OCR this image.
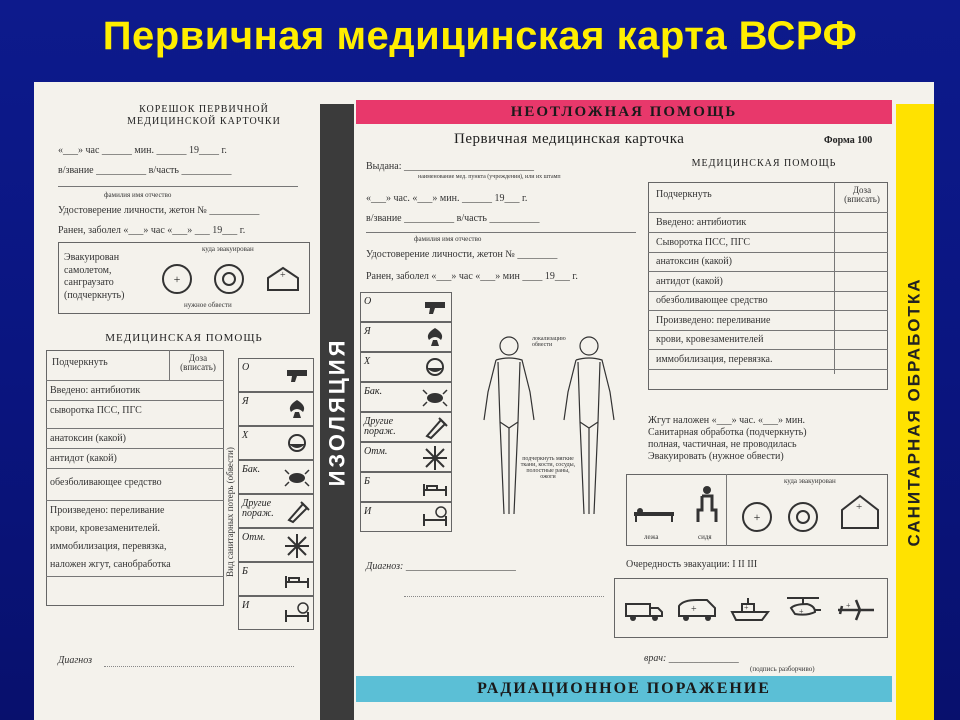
Первичная медицинская карта ВСРФ
КОРЕШОК ПЕРВИЧНОЙ
МЕДИЦИНСКОЙ КАРТОЧКИ
«___» час ______ мин. ______ 19____ г.
в/звание __________ в/часть __________
фамилия имя отчество
Удостоверение личности, жетон № __________
Ранен, заболел «___» час «___» ___ 19___ г.
Эвакуирован самолетом, санграузато (подчеркнуть)
куда эвакуирован
+	+
нужное обвести
МЕДИЦИНСКАЯ ПОМОЩЬ
Подчеркнуть	Доза (вписать)
Введено: антибиотик
сыворотка ПСС, ПГС
анатоксин (какой)
антидот (какой)
обезболивающее средство
Произведено: переливание
крови, кровезаменителей.
иммобилизация, перевязка,
наложен жгут, санобработка	Вид санитарных потерь (обвести)
О
Я
Х
Бак.
Другие пораж.
Отм.
Б
И
Диагноз
ИЗОЛЯЦИЯ
НЕОТЛОЖНАЯ ПОМОЩЬ
Первичная медицинская карточка	Форма 100
Выдана: __________________________
наименование мед. пункта (учреждения), или их штамп
МЕДИЦИНСКАЯ ПОМОЩЬ
«___» час. «___» мин. ______ 19___ г.
в/звание __________ в/часть __________
фамилия имя отчество
Удостоверение личности, жетон № ________
Ранен, заболел «___» час «___» мин ____ 19___ г.
Подчеркнуть	Доза (вписать)
Введено: антибиотик
Сыворотка ПСС, ПГС
анатоксин (какой)
антидот (какой)
обезболивающее средство
Произведено: переливание
крови, кровезаменителей
иммобилизация, перевязка.
О
Я
Х
Бак.
Другие пораж.
Отм.
Б
И
локализацию обвести
подчеркнуть мягкие ткани, кости, сосуды, полостные раны, ожоги
Жгут наложен «___» час. «___» мин.
Санитарная обработка (подчеркнуть)
полная, частичная, не проводилась
Эвакуировать (нужное обвести)
куда эвакуирован
лежа	сидя
+
+
Очередность эвакуации: I II III
+	+	+
+
Диагноз: ______________________
врач: ______________
(подпись разборчиво)
РАДИАЦИОННОЕ ПОРАЖЕНИЕ
САНИТАРНАЯ ОБРАБОТКА
